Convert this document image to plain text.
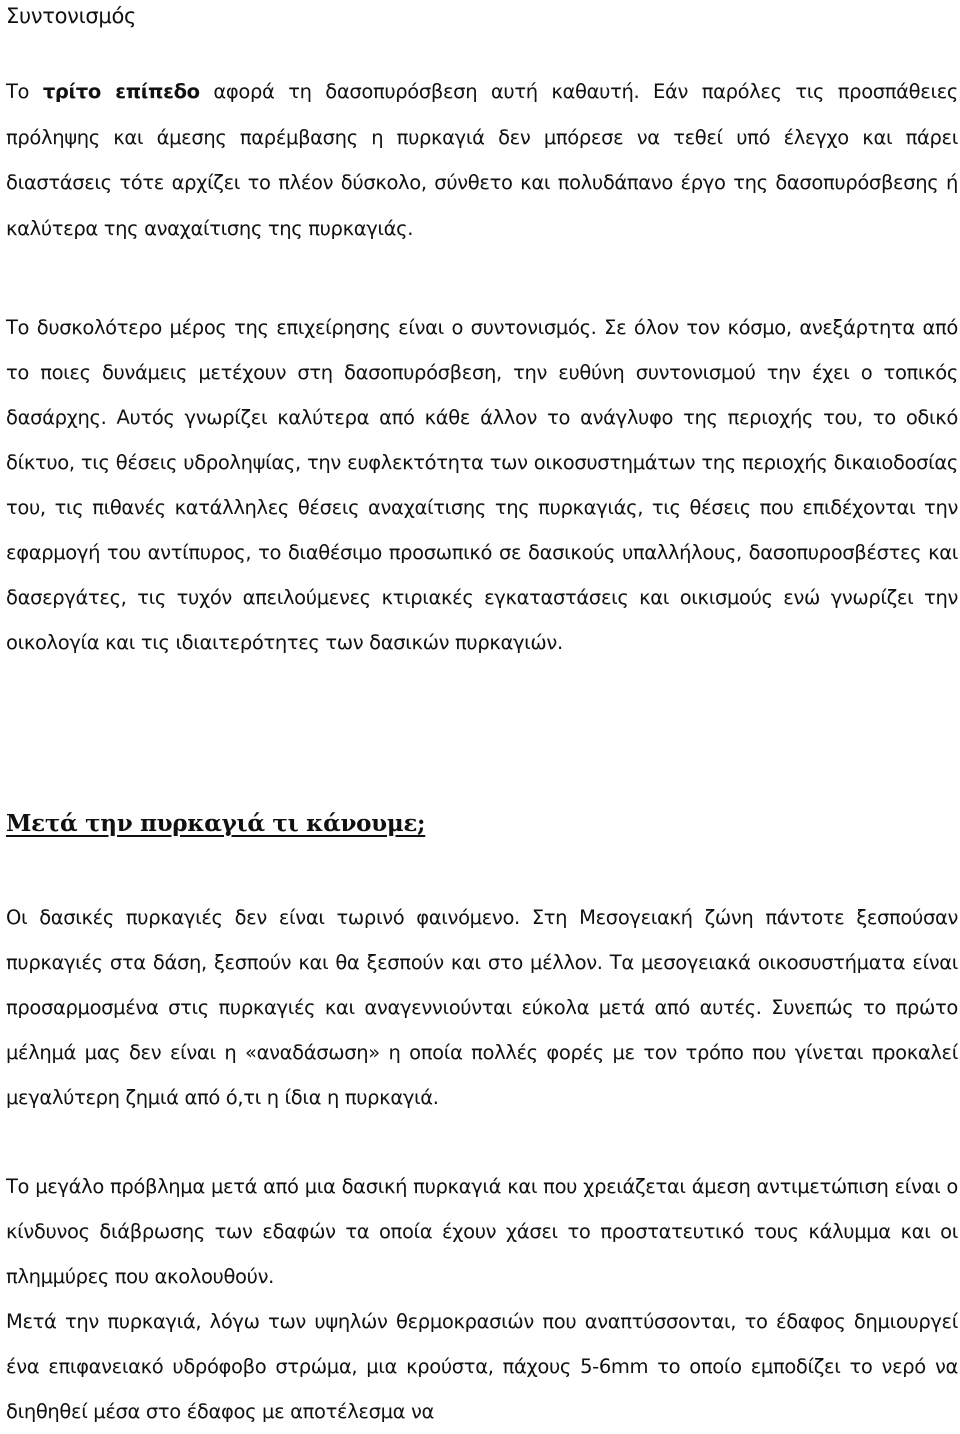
Συντονισμός

Το τρίτο επίπεδο αφορά τη δασοπυρόσβεση αυτή καθαυτή. Εάν παρόλες τις προσπάθειες πρόληψης και άμεσης παρέμβασης η πυρκαγιά δεν μπόρεσε να τεθεί υπό έλεγχο και πάρει διαστάσεις τότε αρχίζει το πλέον δύσκολο, σύνθετο και πολυδάπανο έργο της δασοπυρόσβεσης ή καλύτερα της αναχαίτισης της πυρκαγιάς.

Το δυσκολότερο μέρος της επιχείρησης είναι ο συντονισμός. Σε όλον τον κόσμο, ανεξάρτητα από το ποιες δυνάμεις μετέχουν στη δασοπυρόσβεση, την ευθύνη συντονισμού την έχει ο τοπικός δασάρχης. Αυτός γνωρίζει καλύτερα από κάθε άλλον το ανάγλυφο της περιοχής του, το οδικό δίκτυο, τις θέσεις υδροληψίας, την ευφλεκτότητα των οικοσυστημάτων της περιοχής δικαιοδοσίας του, τις πιθανές κατάλληλες θέσεις αναχαίτισης της πυρκαγιάς, τις θέσεις που επιδέχονται την εφαρμογή του αντίπυρος, το διαθέσιμο προσωπικό σε δασικούς υπαλλήλους, δασοπυροσβέστες και δασεργάτες, τις τυχόν απειλούμενες κτιριακές εγκαταστάσεις και οικισμούς ενώ γνωρίζει την οικολογία και τις ιδιαιτερότητες των δασικών πυρκαγιών.

Μετά την πυρκαγιά τι κάνουμε;

Οι δασικές πυρκαγιές δεν είναι τωρινό φαινόμενο. Στη Μεσογειακή ζώνη πάντοτε ξεσπούσαν πυρκαγιές στα δάση, ξεσπούν και θα ξεσπούν και στο μέλλον. Τα μεσογειακά οικοσυστήματα είναι προσαρμοσμένα στις πυρκαγιές και αναγεννιούνται εύκολα μετά από αυτές. Συνεπώς το πρώτο μέλημά μας δεν είναι η «αναδάσωση» η οποία πολλές φορές με τον τρόπο που γίνεται προκαλεί μεγαλύτερη ζημιά από ό,τι η ίδια η πυρκαγιά.

Το μεγάλο πρόβλημα μετά από μια δασική πυρκαγιά και που χρειάζεται άμεση αντιμετώπιση είναι ο κίνδυνος διάβρωσης των εδαφών τα οποία έχουν χάσει το προστατευτικό τους κάλυμμα και οι πλημμύρες που ακολουθούν.

Μετά την πυρκαγιά, λόγω των υψηλών θερμοκρασιών που αναπτύσσονται, το έδαφος δημιουργεί ένα επιφανειακό υδρόφοβο στρώμα, μια κρούστα, πάχους 5-6mm το οποίο εμποδίζει το νερό να διηθηθεί μέσα στο έδαφος με αποτέλεσμα να
